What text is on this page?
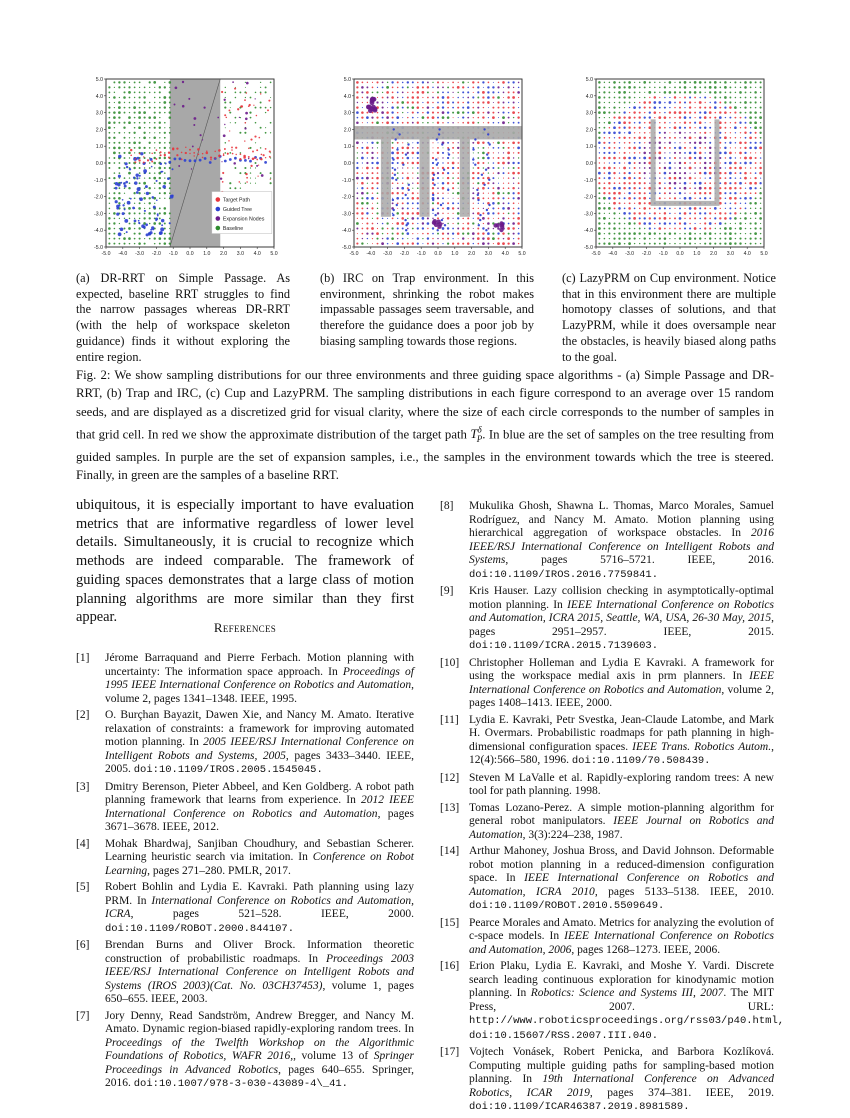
5.0
4.0
3.0
2.0
1.0
0.0
-1.0
-2.0
-3.0
-4.0
-5.0
-5.0 -4.0 -3.0 -2.0 -1.0 0.0 1.0 2.0 3.0 4.0 5.0
Target Path
Guided Tree
Expansion Nodes
Baseline
5.0
4.0
3.0
2.0
1.0
0.0
-1.0
-2.0
-3.0
-4.0
-5.0
-5.0 -4.0 -3.0 -2.0 -1.0 0.0 1.0 2.0 3.0 4.0 5.0
5.0
4.0
3.0
2.0
1.0
0.0
-1.0
-2.0
-3.0
-4.0
-5.0
-5.0 -4.0 -3.0 -2.0 -1.0 0.0 1.0 2.0 3.0 4.0 5.0
(a) DR-RRT on Simple Passage. As expected, baseline RRT struggles to find the narrow passages whereas DR-RRT (with the help of workspace skeleton guidance) finds it without exploring the entire region.
(b) IRC on Trap environment. In this environment, shrinking the robot makes impassable passages seem traversable, and therefore the guidance does a poor job by biasing sampling towards those regions.
(c) LazyPRM on Cup environment. Notice that in this environment there are multiple homotopy classes of solutions, and that LazyPRM, while it does oversample near the obstacles, is heavily biased along paths to the goal.
Fig. 2: We show sampling distributions for our three environments and three guiding space algorithms - (a) Simple Passage and DR-RRT, (b) Trap and IRC, (c) Cup and LazyPRM. The sampling distributions in each figure correspond to an average over 15 random seeds, and are displayed as a discretized grid for visual clarity, where the size of each circle corresponds to the number of samples in that grid cell. In red we show the approximate distribution of the target path $T^\delta_P$. In blue are the set of samples on the tree resulting from guided samples. In purple are the set of expansion samples, i.e., the samples in the environment towards which the tree is steered. Finally, in green are the samples of a baseline RRT.
ubiquitous, it is especially important to have evaluation metrics that are informative regardless of lower level details. Simultaneously, it is crucial to recognize which methods are indeed comparable. The framework of guiding spaces demonstrates that a large class of motion planning algorithms are more similar than they first appear.
References
[1] Jérome Barraquand and Pierre Ferbach. Motion planning with uncertainty: The information space approach. In Proceedings of 1995 IEEE International Conference on Robotics and Automation, volume 2, pages 1341–1348. IEEE, 1995.
[2] O. Burçhan Bayazit, Dawen Xie, and Nancy M. Amato. Iterative relaxation of constraints: a framework for improving automated motion planning. In 2005 IEEE/RSJ International Conference on Intelligent Robots and Systems, 2005, pages 3433–3440. IEEE, 2005. doi:10.1109/IROS.2005.1545045.
[3] Dmitry Berenson, Pieter Abbeel, and Ken Goldberg. A robot path planning framework that learns from experience. In 2012 IEEE International Conference on Robotics and Automation, pages 3671–3678. IEEE, 2012.
[4] Mohak Bhardwaj, Sanjiban Choudhury, and Sebastian Scherer. Learning heuristic search via imitation. In Conference on Robot Learning, pages 271–280. PMLR, 2017.
[5] Robert Bohlin and Lydia E. Kavraki. Path planning using lazy PRM. In International Conference on Robotics and Automation, ICRA, pages 521–528. IEEE, 2000. doi:10.1109/ROBOT.2000.844107.
[6] Brendan Burns and Oliver Brock. Information theoretic construction of probabilistic roadmaps. In Proceedings 2003 IEEE/RSJ International Conference on Intelligent Robots and Systems (IROS 2003)(Cat. No. 03CH37453), volume 1, pages 650–655. IEEE, 2003.
[7] Jory Denny, Read Sandström, Andrew Bregger, and Nancy M. Amato. Dynamic region-biased rapidly-exploring random trees. In Proceedings of the Twelfth Workshop on the Algorithmic Foundations of Robotics, WAFR 2016,, volume 13 of Springer Proceedings in Advanced Robotics, pages 640–655. Springer, 2016. doi:10.1007/978-3-030-43089-4\_41.
[8] Mukulika Ghosh, Shawna L. Thomas, Marco Morales, Samuel Rodríguez, and Nancy M. Amato. Motion planning using hierarchical aggregation of workspace obstacles. In 2016 IEEE/RSJ International Conference on Intelligent Robots and Systems, pages 5716–5721. IEEE, 2016. doi:10.1109/IROS.2016.7759841.
[9] Kris Hauser. Lazy collision checking in asymptotically-optimal motion planning. In IEEE International Conference on Robotics and Automation, ICRA 2015, Seattle, WA, USA, 26-30 May, 2015, pages 2951–2957. IEEE, 2015. doi:10.1109/ICRA.2015.7139603.
[10] Christopher Holleman and Lydia E Kavraki. A framework for using the workspace medial axis in prm planners. In IEEE International Conference on Robotics and Automation, volume 2, pages 1408–1413. IEEE, 2000.
[11] Lydia E. Kavraki, Petr Svestka, Jean-Claude Latombe, and Mark H. Overmars. Probabilistic roadmaps for path planning in high-dimensional configuration spaces. IEEE Trans. Robotics Autom., 12(4):566–580, 1996. doi:10.1109/70.508439.
[12] Steven M LaValle et al. Rapidly-exploring random trees: A new tool for path planning. 1998.
[13] Tomas Lozano-Perez. A simple motion-planning algorithm for general robot manipulators. IEEE Journal on Robotics and Automation, 3(3):224–238, 1987.
[14] Arthur Mahoney, Joshua Bross, and David Johnson. Deformable robot motion planning in a reduced-dimension configuration space. In IEEE International Conference on Robotics and Automation, ICRA 2010, pages 5133–5138. IEEE, 2010. doi:10.1109/ROBOT.2010.5509649.
[15] Pearce Morales and Amato. Metrics for analyzing the evolution of c-space models. In IEEE International Conference on Robotics and Automation, 2006, pages 1268–1273. IEEE, 2006.
[16] Erion Plaku, Lydia E. Kavraki, and Moshe Y. Vardi. Discrete search leading continuous exploration for kinodynamic motion planning. In Robotics: Science and Systems III, 2007. The MIT Press, 2007. URL: http://www.roboticsproceedings.org/rss03/p40.html, doi:10.15607/RSS.2007.III.040.
[17] Vojtech Vonásek, Robert Penicka, and Barbora Kozlíková. Computing multiple guiding paths for sampling-based motion planning. In 19th International Conference on Advanced Robotics, ICAR 2019, pages 374–381. IEEE, 2019. doi:10.1109/ICAR46387.2019.8981589.
